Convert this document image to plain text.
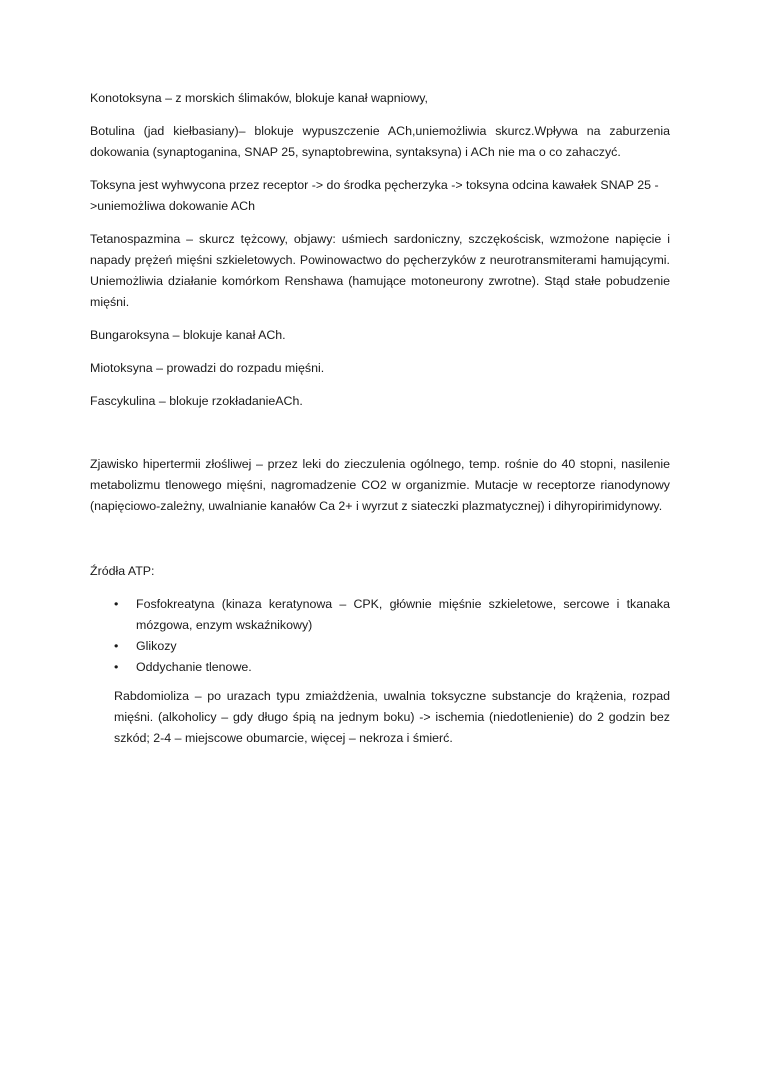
Konotoksyna – z morskich ślimaków, blokuje kanał wapniowy,

Botulina (jad kiełbasiany)– blokuje wypuszczenie ACh,uniemożliwia skurcz.Wpływa na zaburzenia dokowania (synaptoganina, SNAP 25, synaptobrewina, syntaksyna) i ACh nie ma o co zahaczyć.

Toksyna jest wyhwycona przez receptor -> do środka pęcherzyka -> toksyna odcina kawałek SNAP 25 ->uniemożliwa dokowanie ACh

Tetanospazmina – skurcz tężcowy, objawy: uśmiech sardoniczny, szczękościsk, wzmożone napięcie i napady prężeń mięśni szkieletowych. Powinowactwo do pęcherzyków z neurotransmiterami hamującymi. Uniemożliwia działanie komórkom Renshawa (hamujące motoneurony zwrotne). Stąd stałe pobudzenie mięśni.

Bungaroksyna – blokuje kanał ACh.

Miotoksyna – prowadzi do rozpadu mięśni.

Fascykulina – blokuje rzokładanieACh.

Zjawisko hipertermii złośliwej – przez leki do zieczulenia ogólnego, temp. rośnie do 40 stopni, nasilenie metabolizmu tlenowego mięśni, nagromadzenie CO2 w organizmie. Mutacje w receptorze rianodynowy (napięciowo-zależny, uwalnianie kanałów Ca 2+ i wyrzut z siateczki plazmatycznej) i dihyropirimidynowy.

Źródła ATP:

•	Fosfokreatyna (kinaza keratynowa – CPK, głównie mięśnie szkieletowe, sercowe i tkanaka mózgowa, enzym wskaźnikowy)
•	Glikozy
•	Oddychanie tlenowe.

Rabdomioliza – po urazach typu zmiażdżenia, uwalnia toksyczne substancje do krążenia, rozpad mięśni. (alkoholicy – gdy długo śpią na jednym boku) -> ischemia (niedotlenienie) do 2 godzin bez szkód; 2-4 – miejscowe obumarcie, więcej – nekroza i śmierć.
